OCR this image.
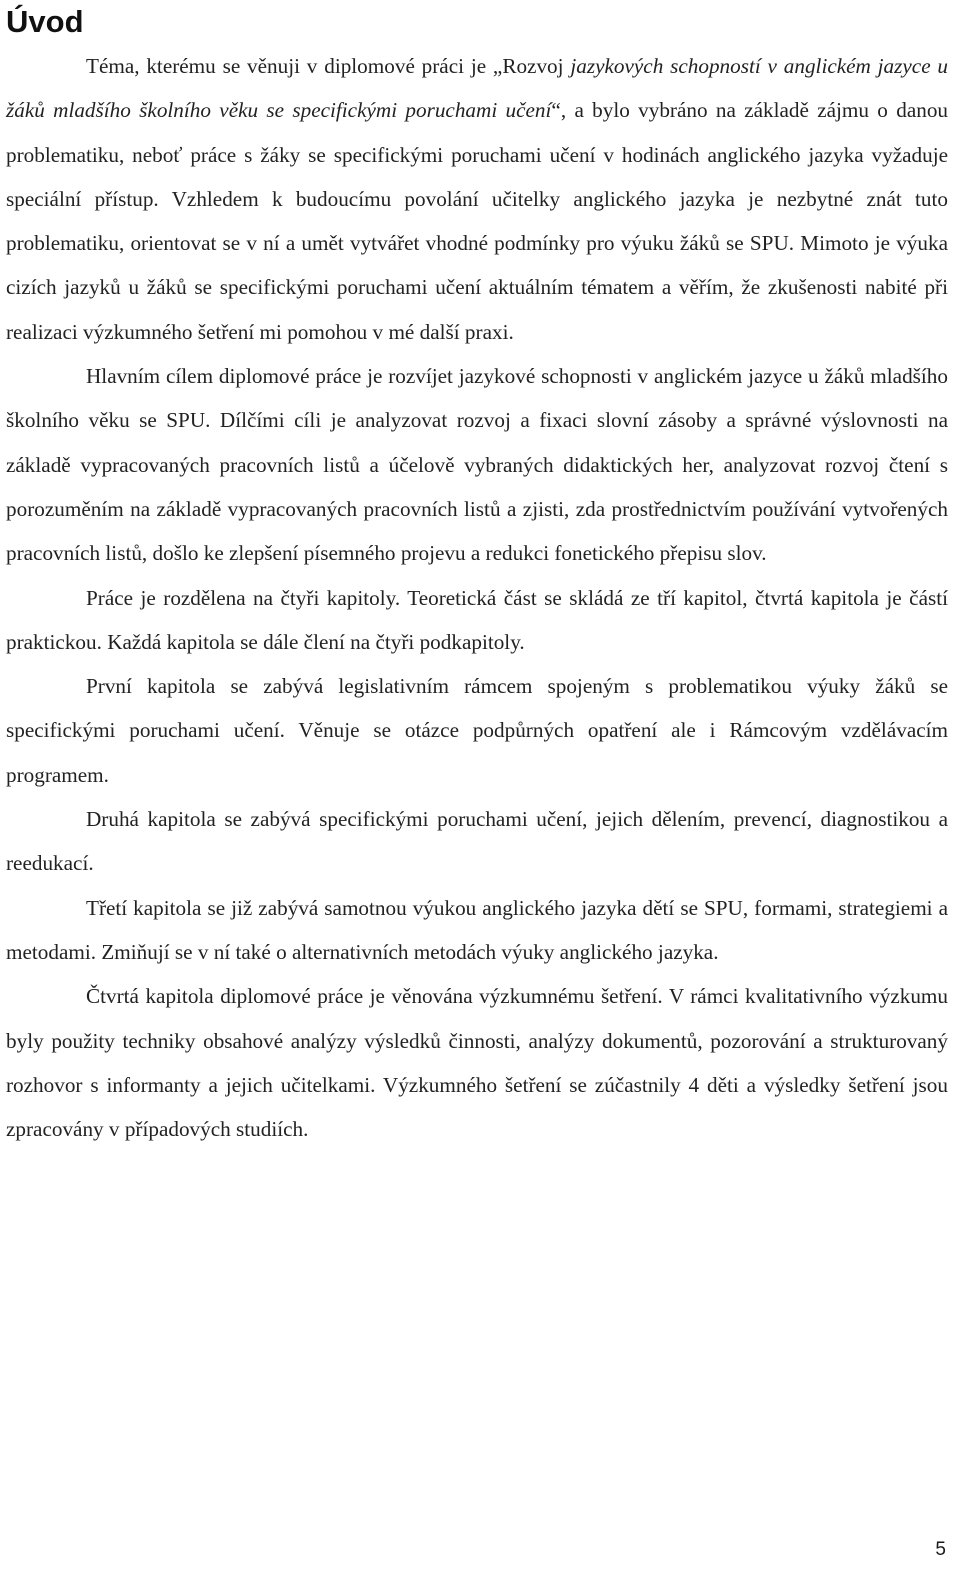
Úvod

Téma, kterému se věnuji v diplomové práci je „Rozvoj jazykových schopností v anglickém jazyce u žáků mladšího školního věku se specifickými poruchami učení“, a bylo vybráno na základě zájmu o danou problematiku, neboť práce s žáky se specifickými poruchami učení v hodinách anglického jazyka vyžaduje speciální přístup. Vzhledem k budoucímu povolání učitelky anglického jazyka je nezbytné znát tuto problematiku, orientovat se v ní a umět vytvářet vhodné podmínky pro výuku žáků se SPU. Mimoto je výuka cizích jazyků u žáků se specifickými poruchami učení aktuálním tématem a věřím, že zkušenosti nabité při realizaci výzkumného šetření mi pomohou v mé další praxi.

Hlavním cílem diplomové práce je rozvíjet jazykové schopnosti v anglickém jazyce u žáků mladšího školního věku se SPU. Dílčími cíli je analyzovat rozvoj a fixaci slovní zásoby a správné výslovnosti na základě vypracovaných pracovních listů a účelově vybraných didaktických her, analyzovat rozvoj čtení s porozuměním na základě vypracovaných pracovních listů a zjisti, zda prostřednictvím používání vytvořených pracovních listů, došlo ke zlepšení písemného projevu a redukci fonetického přepisu slov.

Práce je rozdělena na čtyři kapitoly. Teoretická část se skládá ze tří kapitol, čtvrtá kapitola je částí praktickou. Každá kapitola se dále člení na čtyři podkapitoly.

První kapitola se zabývá legislativním rámcem spojeným s problematikou výuky žáků se specifickými poruchami učení. Věnuje se otázce podpůrných opatření ale i Rámcovým vzdělávacím programem.

Druhá kapitola se zabývá specifickými poruchami učení, jejich dělením, prevencí, diagnostikou a reedukací.

Třetí kapitola se již zabývá samotnou výukou anglického jazyka dětí se SPU, formami, strategiemi a metodami. Zmiňují se v ní také o alternativních metodách výuky anglického jazyka.

Čtvrtá kapitola diplomové práce je věnována výzkumnému šetření. V rámci kvalitativního výzkumu byly použity techniky obsahové analýzy výsledků činnosti, analýzy dokumentů, pozorování a strukturovaný rozhovor s informanty a jejich učitelkami. Výzkumného šetření se zúčastnily 4 děti a výsledky šetření jsou zpracovány v případových studiích.

5
